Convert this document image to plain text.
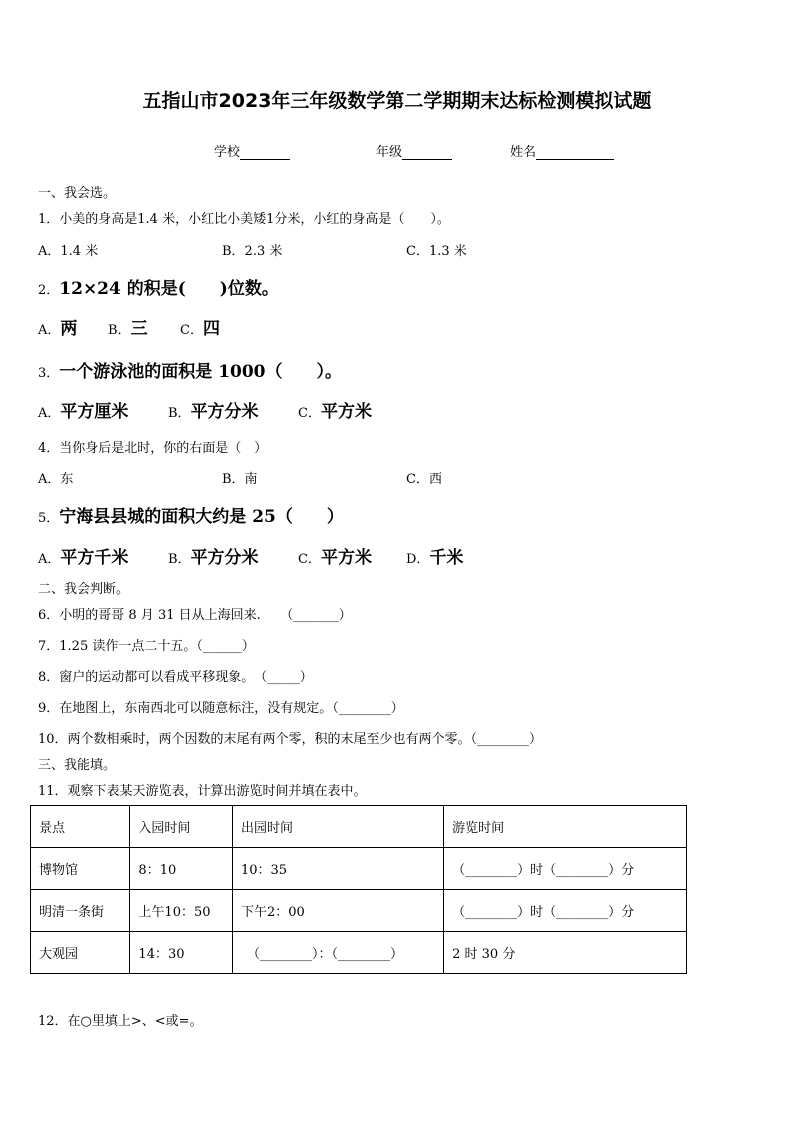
五指山市2023年三年级数学第二学期期末达标检测模拟试题
学校	年级	姓名
一、我会选。
1．小美的身高是1.4 米，小红比小美矮1分米，小红的身高是（　　）。
A．1.4 米	B．2.3 米	C．1.3 米
2．12×24 的积是(　　)位数。
A．两 B．三 C．四
3．一个游泳池的面积是 1000（　　）。
A．平方厘米	B．平方分米	C．平方米
4．当你身后是北时，你的右面是（　）
A．东	B．南	C．西
5．宁海县县城的面积大约是 25（　　）
A．平方千米	B．平方分米	C．平方米	D．千米
二、我会判断。
6．小明的哥哥 8 月 31 日从上海回来.　　（_______）
7．1.25 读作一点二十五。（______）
8．窗户的运动都可以看成平移现象。　（_____）
9．在地图上，东南西北可以随意标注，没有规定。（________）
10．两个数相乘时，两个因数的末尾有两个零，积的末尾至少也有两个零。（________）
三、我能填。
11．观察下表某天游览表，计算出游览时间并填在表中。
景点	入园时间	出园时间	游览时间
博物馆	8：10	10：35	（________）时（________）分
明清一条街	上午10：50	下午2：00	（________）时（________）分
大观园	14：30	（________）：（________）	2 时 30 分
12．在○里填上>、<或=。
